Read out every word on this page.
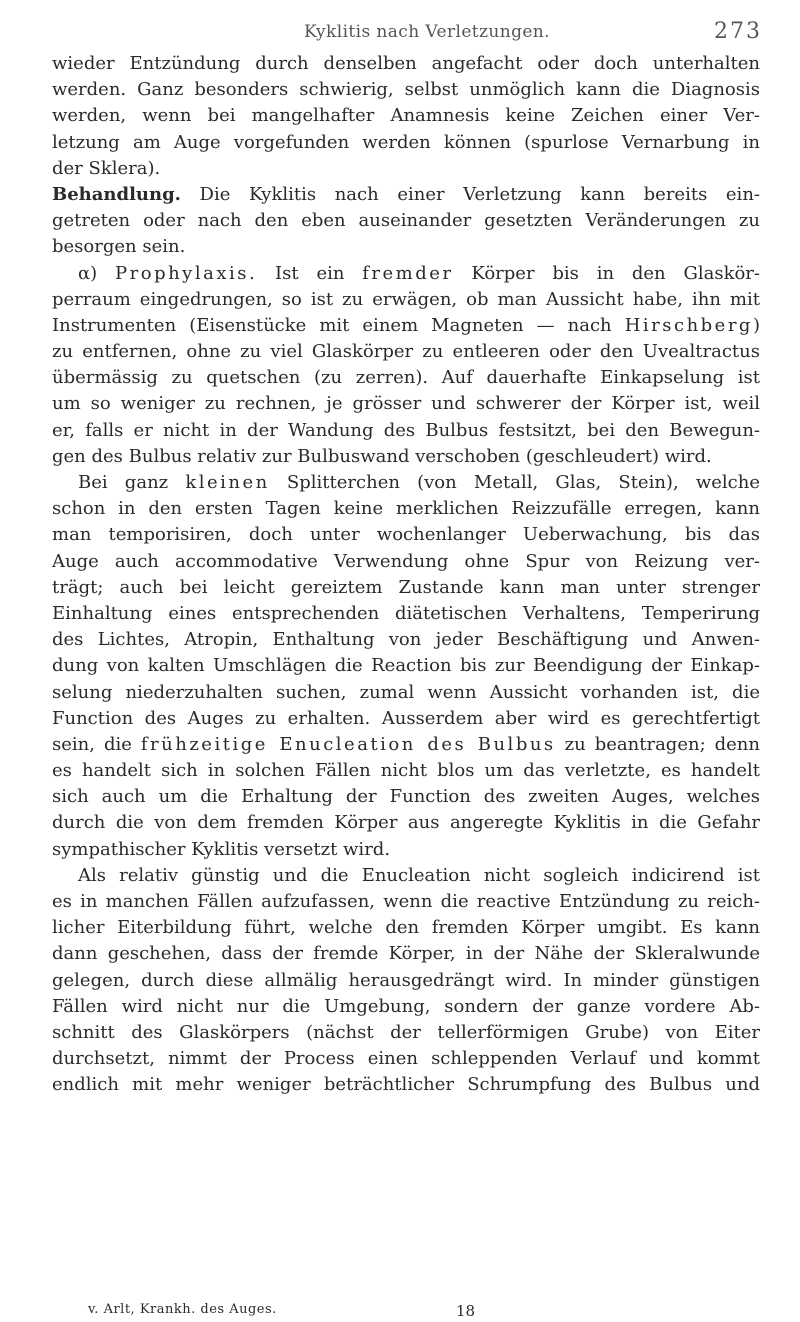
Kyklitis nach Verletzungen.	273
wieder Entzündung durch denselben angefacht oder doch unterhalten
werden. Ganz besonders schwierig, selbst unmöglich kann die Diagnosis
werden, wenn bei mangelhafter Anamnesis keine Zeichen einer Ver-
letzung am Auge vorgefunden werden können (spurlose Vernarbung in
der Sklera).
Behandlung. Die Kyklitis nach einer Verletzung kann bereits ein-
getreten oder nach den eben auseinander gesetzten Veränderungen zu
besorgen sein.
α) Prophylaxis. Ist ein fremder Körper bis in den Glaskör-
perraum eingedrungen, so ist zu erwägen, ob man Aussicht habe, ihn mit
Instrumenten (Eisenstücke mit einem Magneten — nach Hirschberg)
zu entfernen, ohne zu viel Glaskörper zu entleeren oder den Uvealtractus
übermässig zu quetschen (zu zerren). Auf dauerhafte Einkapselung ist
um so weniger zu rechnen, je grösser und schwerer der Körper ist, weil
er, falls er nicht in der Wandung des Bulbus festsitzt, bei den Bewegun-
gen des Bulbus relativ zur Bulbuswand verschoben (geschleudert) wird.
Bei ganz kleinen Splitterchen (von Metall, Glas, Stein), welche
schon in den ersten Tagen keine merklichen Reizzufälle erregen, kann
man temporisiren, doch unter wochenlanger Ueberwachung, bis das
Auge auch accommodative Verwendung ohne Spur von Reizung ver-
trägt; auch bei leicht gereiztem Zustande kann man unter strenger
Einhaltung eines entsprechenden diätetischen Verhaltens, Temperirung
des Lichtes, Atropin, Enthaltung von jeder Beschäftigung und Anwen-
dung von kalten Umschlägen die Reaction bis zur Beendigung der Einkap-
selung niederzuhalten suchen, zumal wenn Aussicht vorhanden ist, die
Function des Auges zu erhalten. Ausserdem aber wird es gerechtfertigt
sein, die frühzeitige Enucleation des Bulbus zu beantragen; denn
es handelt sich in solchen Fällen nicht blos um das verletzte, es handelt
sich auch um die Erhaltung der Function des zweiten Auges, welches
durch die von dem fremden Körper aus angeregte Kyklitis in die Gefahr
sympathischer Kyklitis versetzt wird.
Als relativ günstig und die Enucleation nicht sogleich indicirend ist
es in manchen Fällen aufzufassen, wenn die reactive Entzündung zu reich-
licher Eiterbildung führt, welche den fremden Körper umgibt. Es kann
dann geschehen, dass der fremde Körper, in der Nähe der Skleralwunde
gelegen, durch diese allmälig herausgedrängt wird. In minder günstigen
Fällen wird nicht nur die Umgebung, sondern der ganze vordere Ab-
schnitt des Glaskörpers (nächst der tellerförmigen Grube) von Eiter
durchsetzt, nimmt der Process einen schleppenden Verlauf und kommt
endlich mit mehr weniger beträchtlicher Schrumpfung des Bulbus und
v. Arlt, Krankh. des Auges.	18
